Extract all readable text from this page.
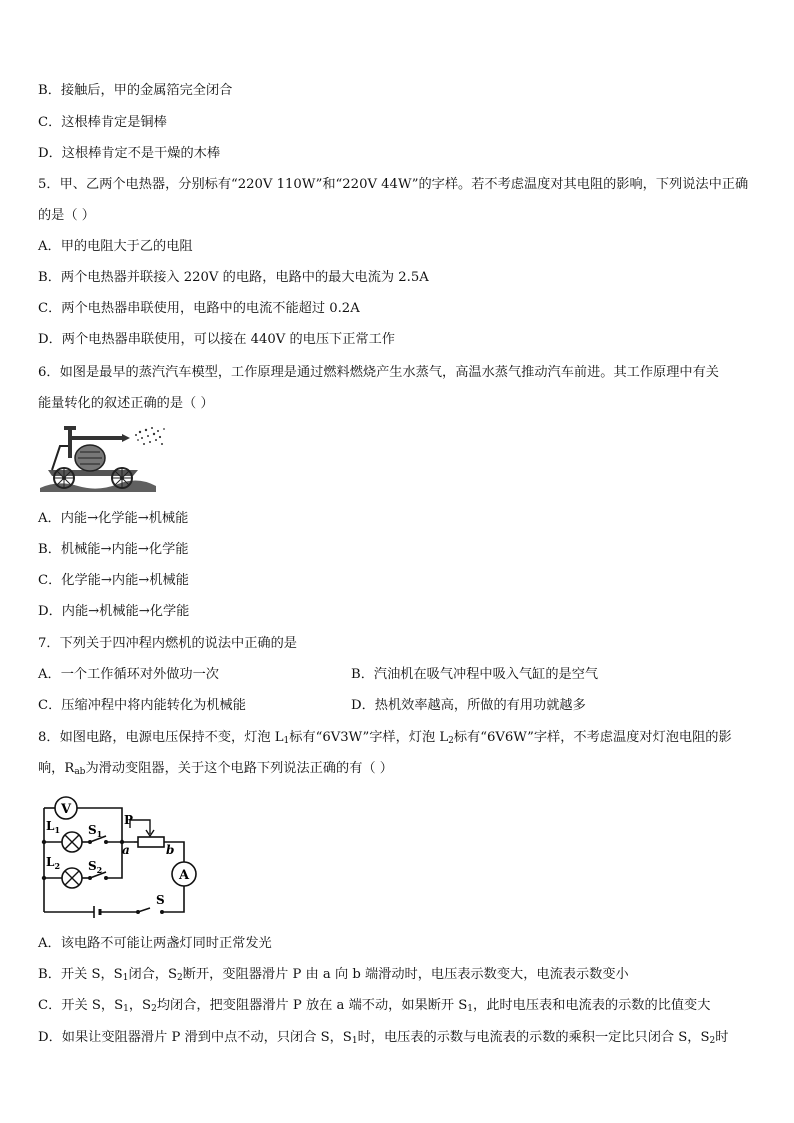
B．接触后，甲的金属箔完全闭合
C．这根棒肯定是铜棒
D．这根棒肯定不是干燥的木棒
5．甲、乙两个电热器，分别标有“220V 110W”和“220V 44W”的字样。若不考虑温度对其电阻的影响，下列说法中正确
的是（ ）
A．甲的电阻大于乙的电阻
B．两个电热器并联接入 220V 的电路，电路中的最大电流为 2.5A
C．两个电热器串联使用，电路中的电流不能超过 0.2A
D．两个电热器串联使用，可以接在 440V 的电压下正常工作
6．如图是最早的蒸汽汽车模型，工作原理是通过燃料燃烧产生水蒸气，高温水蒸气推动汽车前进。其工作原理中有关
能量转化的叙述正确的是（ ）
A．内能→化学能→机械能
B．机械能→内能→化学能
C．化学能→内能→机械能
D．内能→机械能→化学能
7．下列关于四冲程内燃机的说法中正确的是
A．一个工作循环对外做功一次	B．汽油机在吸气冲程中吸入气缸的是空气
C．压缩冲程中将内能转化为机械能	D．热机效率越高，所做的有用功就越多
8．如图电路，电源电压保持不变，灯泡 $L_1$标有“6V3W”字样，灯泡 $L_2$标有“6V6W”字样，不考虑温度对灯泡电阻的影
响，$R_{ab}$为滑动变阻器，关于这个电路下列说法正确的有（ ）
V
$L_1$ $S_1$
$L_2$ $S_2$
P
a	b
A
S
A．该电路不可能让两盏灯同时正常发光
B．开关 S，$S_1$闭合，$S_2$断开，变阻器滑片 P 由 a 向 b 端滑动时，电压表示数变大，电流表示数变小
C．开关 S，$S_1$，$S_2$均闭合，把变阻器滑片 P 放在 a 端不动，如果断开 $S_1$，此时电压表和电流表的示数的比值变大
D．如果让变阻器滑片 P 滑到中点不动，只闭合 S，$S_1$时，电压表的示数与电流表的示数的乘积一定比只闭合 S，$S_2$时
